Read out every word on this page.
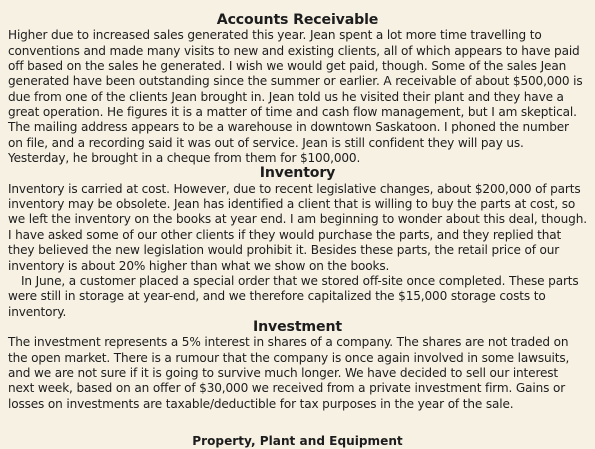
Accounts Receivable

Higher due to increased sales generated this year. Jean spent a lot more time travelling to conventions and made many visits to new and existing clients, all of which appears to have paid off based on the sales he generated. I wish we would get paid, though. Some of the sales Jean generated have been outstanding since the summer or earlier. A receivable of about $500,000 is due from one of the clients Jean brought in. Jean told us he visited their plant and they have a great operation. He figures it is a matter of time and cash flow management, but I am skeptical. The mailing address appears to be a warehouse in downtown Saskatoon. I phoned the number on file, and a recording said it was out of service. Jean is still confident they will pay us. Yesterday, he brought in a cheque from them for $100,000.

Inventory

Inventory is carried at cost. However, due to recent legislative changes, about $200,000 of parts inventory may be obsolete. Jean has identified a client that is willing to buy the parts at cost, so we left the inventory on the books at year end. I am beginning to wonder about this deal, though. I have asked some of our other clients if they would purchase the parts, and they replied that they believed the new legislation would prohibit it. Besides these parts, the retail price of our inventory is about 20% higher than what we show on the books.

In June, a customer placed a special order that we stored off-site once completed. These parts were still in storage at year-end, and we therefore capitalized the $15,000 storage costs to inventory.

Investment

The investment represents a 5% interest in shares of a company. The shares are not traded on the open market. There is a rumour that the company is once again involved in some lawsuits, and we are not sure if it is going to survive much longer. We have decided to sell our interest next week, based on an offer of $30,000 we received from a private investment firm. Gains or losses on investments are taxable/deductible for tax purposes in the year of the sale.

Property, Plant and Equipment
